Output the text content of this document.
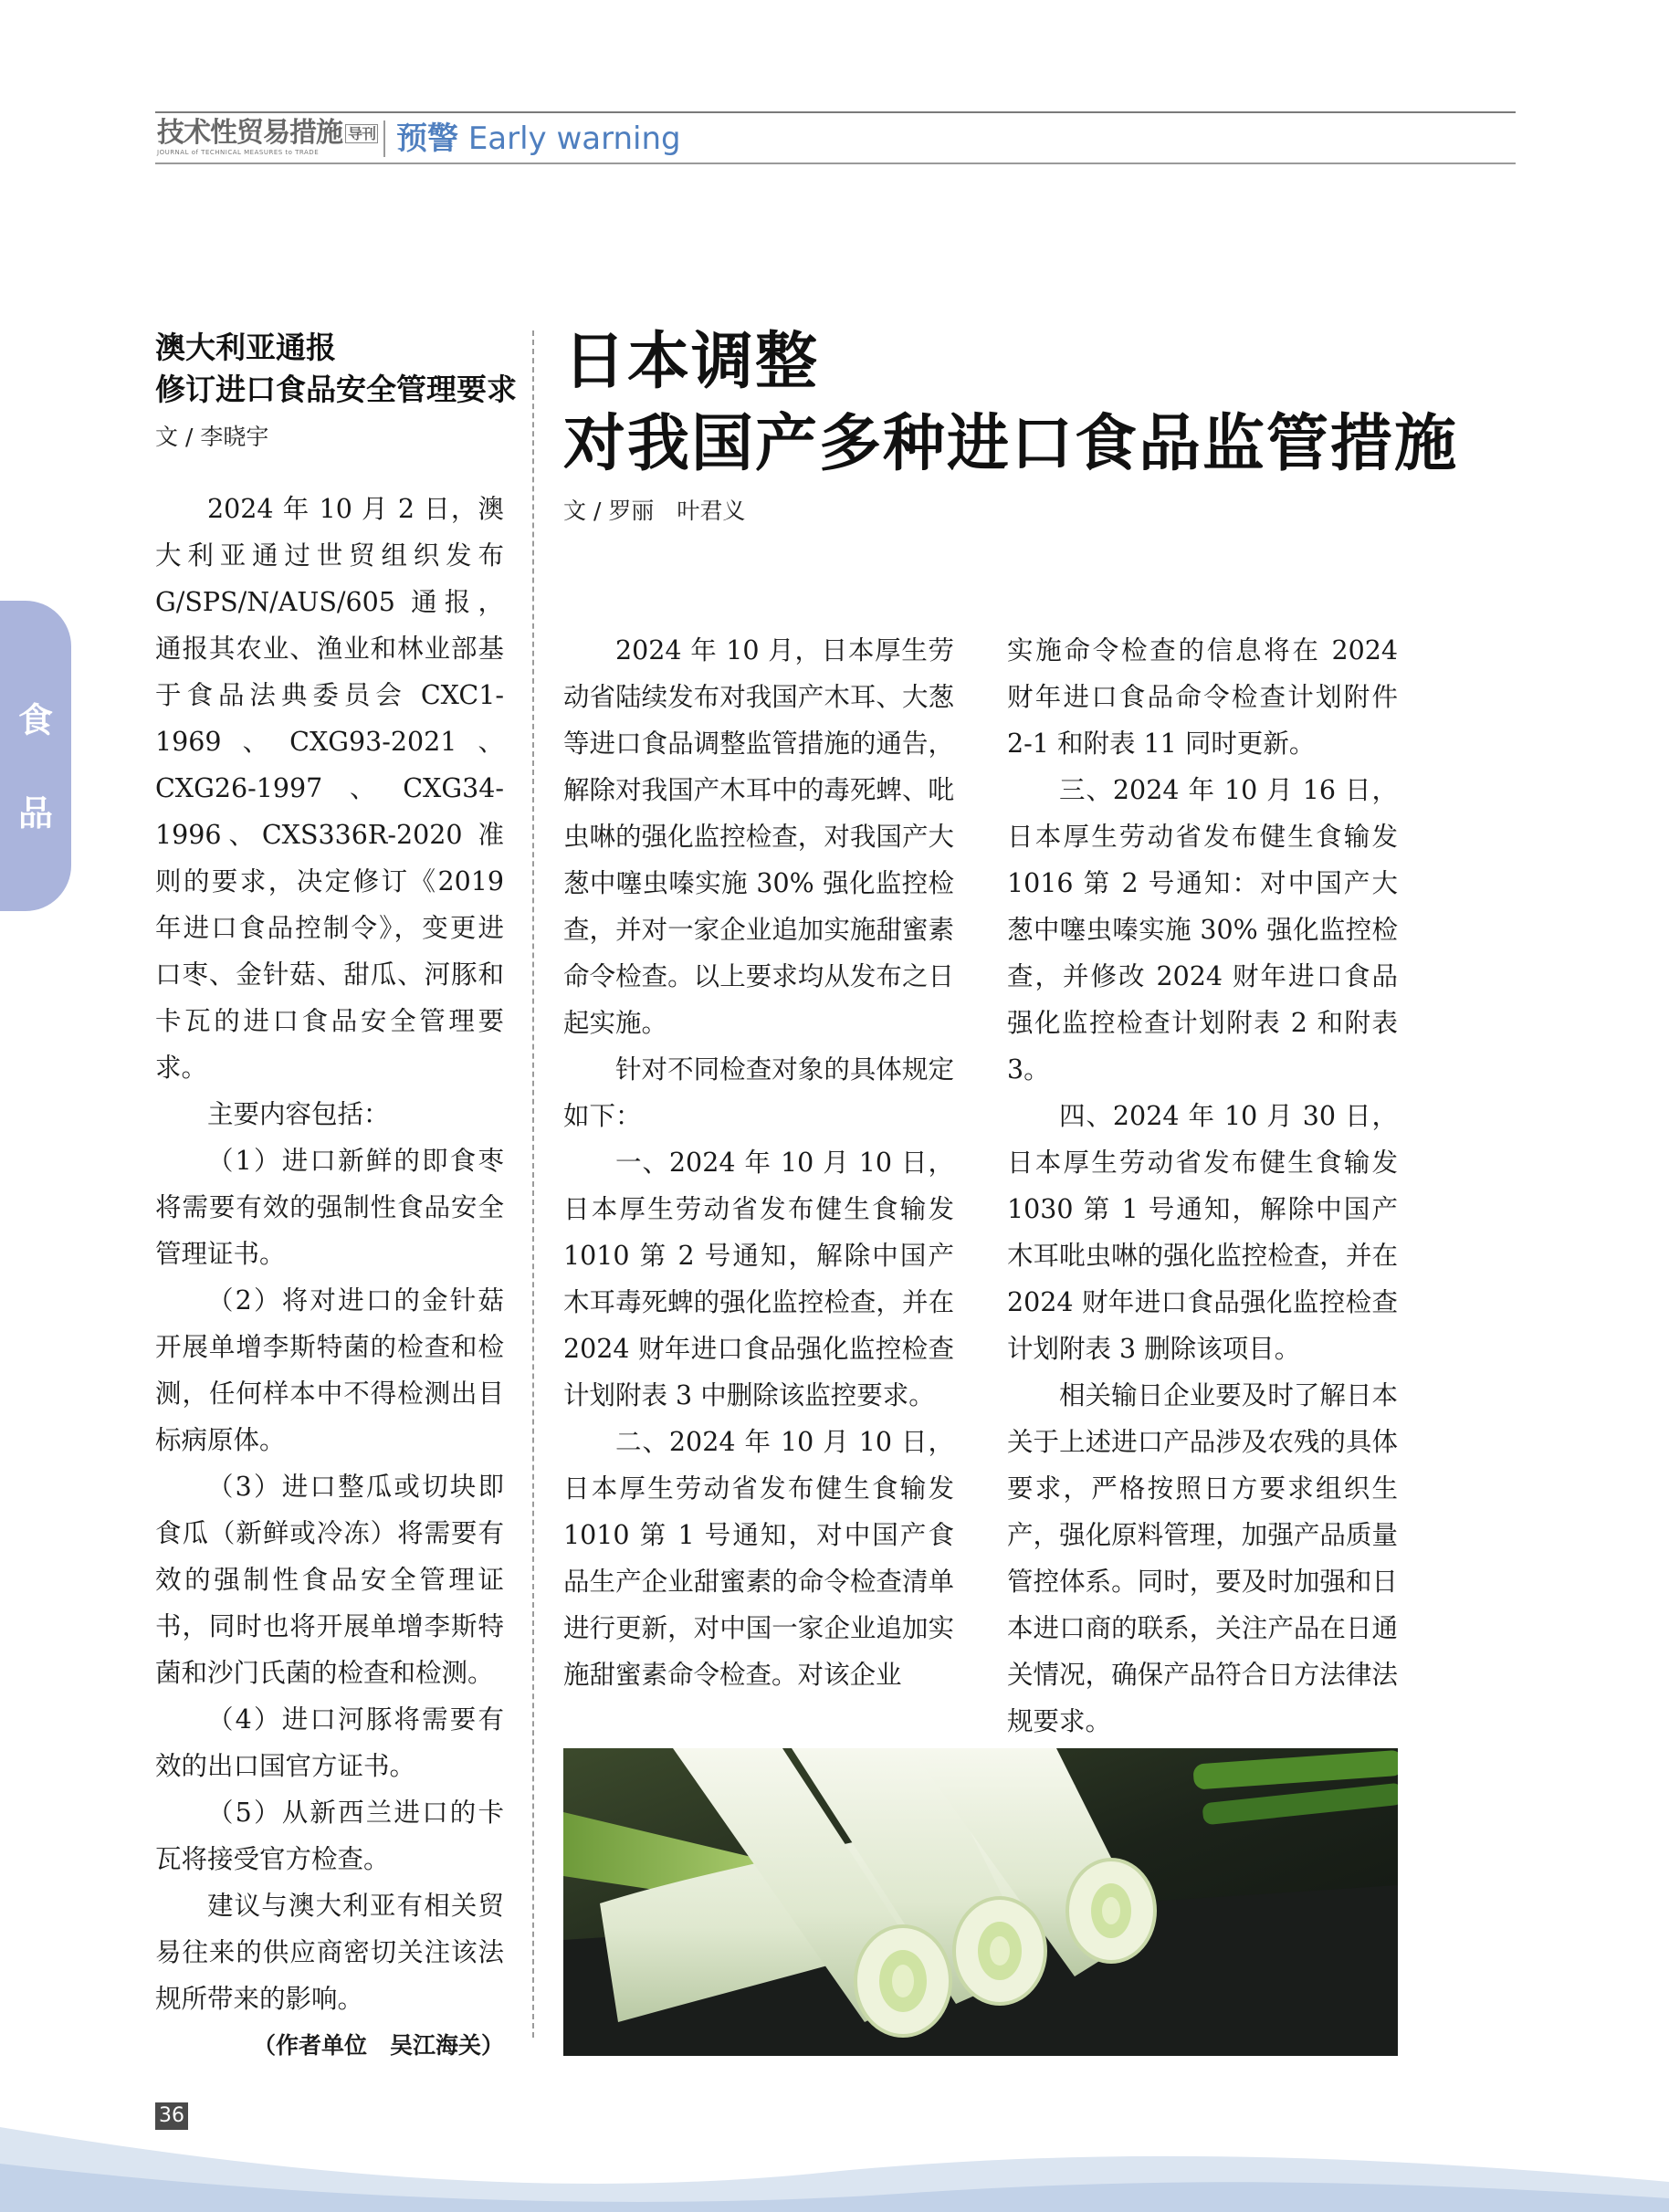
技术性贸易措施 导刊
JOURNAL of TECHNICAL MEASURES to TRADE	预警 Early warning
食
品
澳大利亚通报
修订进口食品安全管理要求
文 / 李晓宇

2024 年 10 月 2 日，澳大利亚通过世贸组织发布 G/SPS/N/AUS/605 通报，通报其农业、渔业和林业部基于食品法典委员会 CXC1-1969、CXG93-2021、CXG26-1997、CXG34-1996、CXS336R-2020 准则的要求，决定修订《2019 年进口食品控制令》，变更进口枣、金针菇、甜瓜、河豚和卡瓦的进口食品安全管理要求。

主要内容包括：

（1）进口新鲜的即食枣将需要有效的强制性食品安全管理证书。

（2）将对进口的金针菇开展单增李斯特菌的检查和检测，任何样本中不得检测出目标病原体。

（3）进口整瓜或切块即食瓜（新鲜或冷冻）将需要有效的强制性食品安全管理证书，同时也将开展单增李斯特菌和沙门氏菌的检查和检测。

（4）进口河豚将需要有效的出口国官方证书。

（5）从新西兰进口的卡瓦将接受官方检查。

建议与澳大利亚有相关贸易往来的供应商密切关注该法规所带来的影响。

（作者单位　吴江海关）

日本调整
对我国产多种进口食品监管措施
文 / 罗丽　叶君义

2024 年 10 月，日本厚生劳动省陆续发布对我国产木耳、大葱等进口食品调整监管措施的通告，解除对我国产木耳中的毒死蜱、吡虫啉的强化监控检查，对我国产大葱中噻虫嗪实施 30% 强化监控检查，并对一家企业追加实施甜蜜素命令检查。以上要求均从发布之日起实施。

针对不同检查对象的具体规定如下：

一、2024 年 10 月 10 日，日本厚生劳动省发布健生食输发 1010 第 2 号通知，解除中国产木耳毒死蜱的强化监控检查，并在 2024 财年进口食品强化监控检查计划附表 3 中删除该监控要求。

二、2024 年 10 月 10 日，日本厚生劳动省发布健生食输发 1010 第 1 号通知，对中国产食品生产企业甜蜜素的命令检查清单进行更新，对中国一家企业追加实施甜蜜素命令检查。对该企业

实施命令检查的信息将在 2024 财年进口食品命令检查计划附件 2-1 和附表 11 同时更新。

三、2024 年 10 月 16 日，日本厚生劳动省发布健生食输发 1016 第 2 号通知：对中国产大葱中噻虫嗪实施 30% 强化监控检查，并修改 2024 财年进口食品强化监控检查计划附表 2 和附表 3。

四、2024 年 10 月 30 日，日本厚生劳动省发布健生食输发 1030 第 1 号通知，解除中国产木耳吡虫啉的强化监控检查，并在 2024 财年进口食品强化监控检查计划附表 3 删除该项目。

相关输日企业要及时了解日本关于上述进口产品涉及农残的具体要求，严格按照日方要求组织生产，强化原料管理，加强产品质量管控体系。同时，要及时加强和日本进口商的联系，关注产品在日通关情况，确保产品符合日方法律法规要求。

36
